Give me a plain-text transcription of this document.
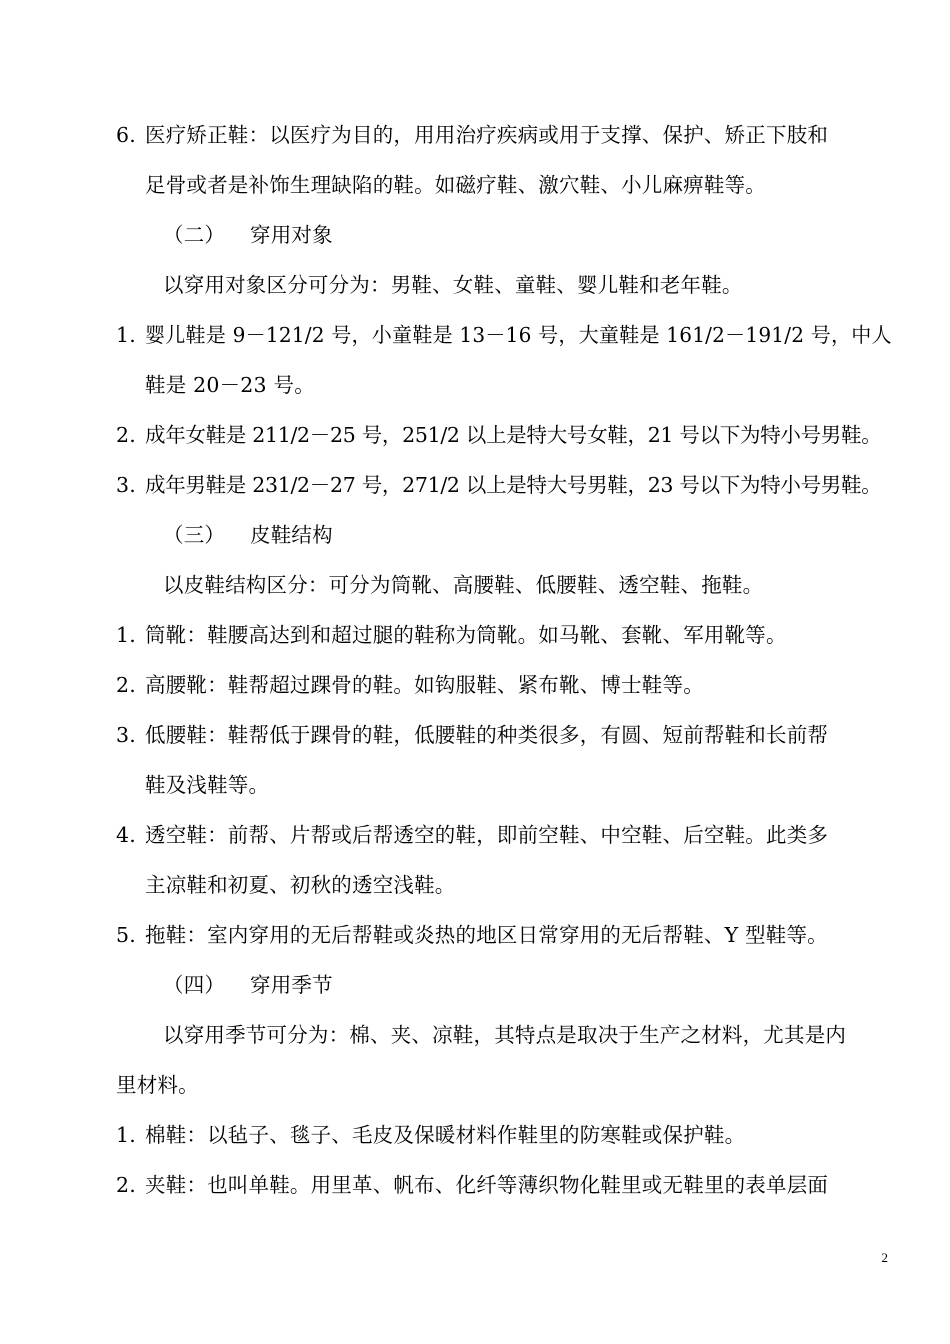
6. 医疗矫正鞋：以医疗为目的，用用治疗疾病或用于支撑、保护、矫正下肢和
足骨或者是补饰生理缺陷的鞋。如磁疗鞋、激穴鞋、小儿麻痹鞋等。
（二） 穿用对象
以穿用对象区分可分为：男鞋、女鞋、童鞋、婴儿鞋和老年鞋。
1. 婴儿鞋是 9－121/2 号，小童鞋是 13－16 号，大童鞋是 161/2－191/2 号，中人
鞋是 20－23 号。
2. 成年女鞋是 211/2－25 号，251/2 以上是特大号女鞋，21 号以下为特小号男鞋。
3. 成年男鞋是 231/2－27 号，271/2 以上是特大号男鞋，23 号以下为特小号男鞋。
（三） 皮鞋结构
以皮鞋结构区分：可分为筒靴、高腰鞋、低腰鞋、透空鞋、拖鞋。
1. 筒靴：鞋腰高达到和超过腿的鞋称为筒靴。如马靴、套靴、军用靴等。
2. 高腰靴：鞋帮超过踝骨的鞋。如钩服鞋、紧布靴、博士鞋等。
3. 低腰鞋：鞋帮低于踝骨的鞋，低腰鞋的种类很多，有圆、短前帮鞋和长前帮
鞋及浅鞋等。
4. 透空鞋：前帮、片帮或后帮透空的鞋，即前空鞋、中空鞋、后空鞋。此类多
主凉鞋和初夏、初秋的透空浅鞋。
5. 拖鞋：室内穿用的无后帮鞋或炎热的地区日常穿用的无后帮鞋、Y 型鞋等。
（四） 穿用季节
以穿用季节可分为：棉、夹、凉鞋，其特点是取决于生产之材料，尤其是内
里材料。
1. 棉鞋：以毡子、毯子、毛皮及保暖材料作鞋里的防寒鞋或保护鞋。
2. 夹鞋：也叫单鞋。用里革、帆布、化纤等薄织物化鞋里或无鞋里的表单层面
2
